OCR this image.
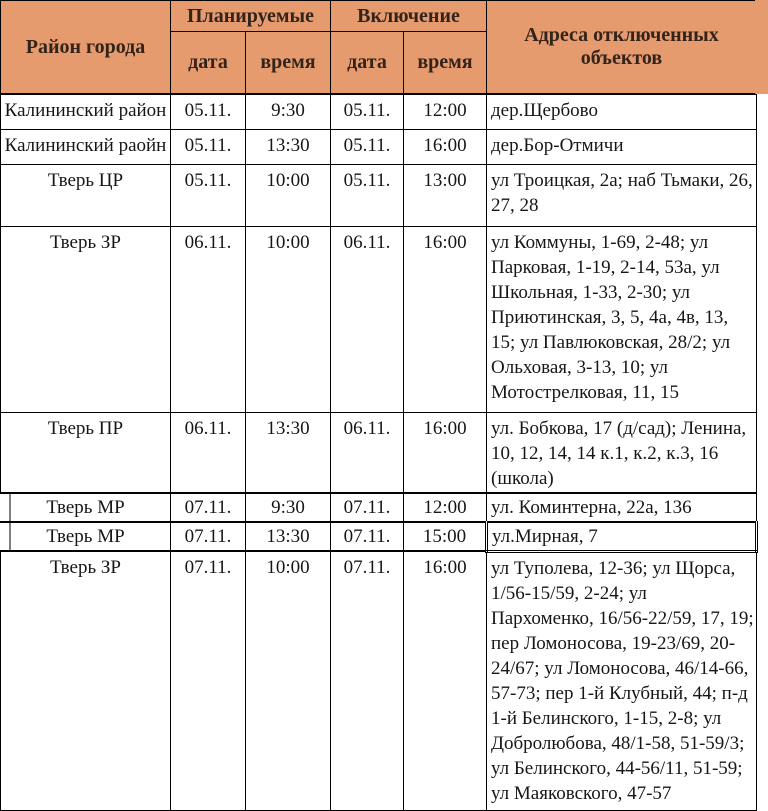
Район города	Планируемые		Включение		Адреса отключенных объектов
	дата	время	дата	время	
Калининский район	05.11.	9:30	05.11.	12:00	дер.Щербово
Калининский раойн	05.11.	13:30	05.11.	16:00	дер.Бор-Отмичи
Тверь ЦР	05.11.	10:00	05.11.	13:00	ул Троицкая, 2а; наб Тьмаки, 26, 27, 28
Тверь ЗР	06.11.	10:00	06.11.	16:00	ул Коммуны, 1-69, 2-48; ул Парковая, 1-19, 2-14, 53а, ул Школьная, 1-33, 2-30; ул Приютинская, 3, 5, 4а, 4в, 13, 15; ул Павлюковская, 28/2; ул Ольховая, 3-13, 10; ул Мотострелковая, 11, 15
Тверь ПР	06.11.	13:30	06.11.	16:00	ул. Бобкова, 17 (д/сад); Ленина, 10, 12, 14, 14 к.1, к.2, к.3, 16 (школа)
Тверь МР	07.11.	9:30	07.11.	12:00	ул. Коминтерна, 22а, 136
Тверь МР	07.11.	13:30	07.11.	15:00	ул.Мирная, 7
Тверь ЗР	07.11.	10:00	07.11.	16:00	ул Туполева, 12-36; ул Щорса, 1/56-15/59, 2-24; ул Пархоменко, 16/56-22/59, 17, 19; пер Ломоносова, 19-23/69, 20-24/67; ул Ломоносова, 46/14-66, 57-73; пер 1-й Клубный, 44; п-д 1-й Белинского, 1-15, 2-8; ул Добролюбова, 48/1-58, 51-59/3; ул Белинского, 44-56/11, 51-59; ул Маяковского, 47-57
